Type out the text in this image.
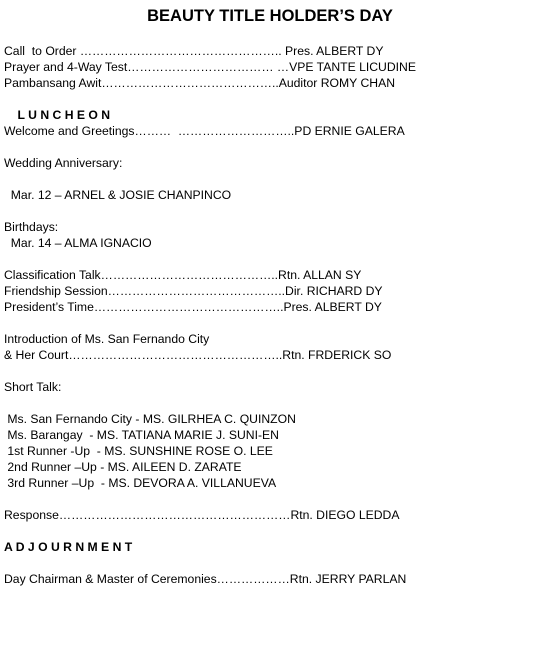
BEAUTY TITLE HOLDER’S DAY
Call  to Order ………………………………………….. Pres. ALBERT DY
Prayer and 4-Way Test……………………………… …VPE TANTE LICUDINE
Pambansang Awit……………………………………..Auditor ROMY CHAN
L U N C H E O N
Welcome and Greetings………  ………………………..PD ERNIE GALERA
Wedding Anniversary:
Mar. 12 – ARNEL & JOSIE CHANPINCO
Birthdays:
Mar. 14 – ALMA IGNACIO
Classification Talk……………………………………..Rtn. ALLAN SY
Friendship Session……………………………………..Dir. RICHARD DY
President’s Time………………………………………..Pres. ALBERT DY
Introduction of Ms. San Fernando City
& Her Court……………………………………………..Rtn. FRDERICK SO
Short Talk:
Ms. San Fernando City - MS. GILRHEA C. QUINZON
Ms. Barangay  - MS. TATIANA MARIE J. SUNI-EN
1st Runner -Up  - MS. SUNSHINE ROSE O. LEE
2nd Runner –Up - MS. AILEEN D. ZARATE
3rd Runner –Up  - MS. DEVORA A. VILLANUEVA
Response…………………………………………………Rtn. DIEGO LEDDA
A D J O U R N M E N T
Day Chairman & Master of Ceremonies………………Rtn. JERRY PARLAN
